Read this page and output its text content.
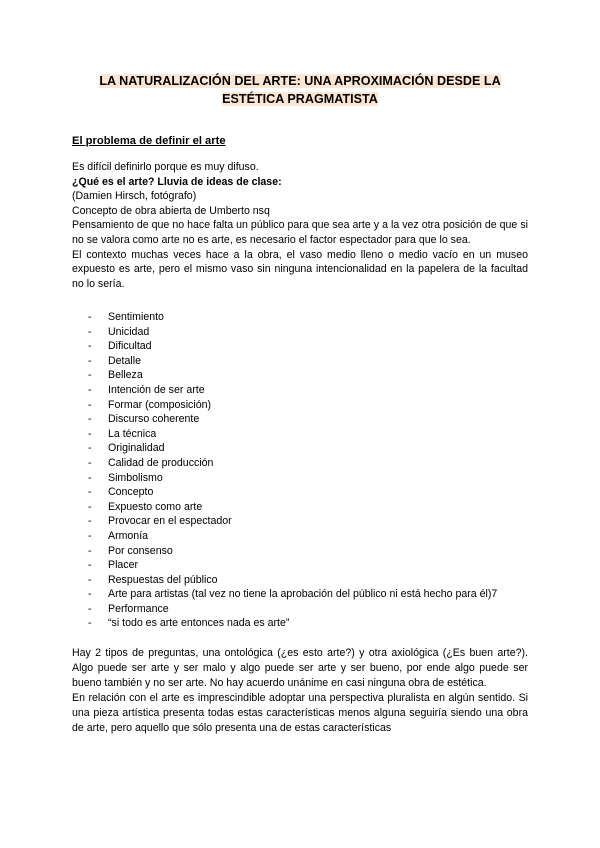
LA NATURALIZACIÓN DEL ARTE: UNA APROXIMACIÓN DESDE LA
ESTÉTICA PRAGMATISTA
El problema de definir el arte
Es difícil definirlo porque es muy difuso.
¿Qué es el arte? Lluvia de ideas de clase:
(Damien Hirsch, fotógrafo)
Concepto de obra abierta de Umberto nsq
Pensamiento de que no hace falta un público para que sea arte y a la vez otra posición de que si no se valora como arte no es arte, es necesario el factor espectador para que lo sea.
El contexto muchas veces hace a la obra, el vaso medio lleno o medio vacío en un museo expuesto es arte, pero el mismo vaso sin ninguna intencionalidad en la papelera de la facultad no lo sería.
- Sentimiento
- Unicidad
- Dificultad
- Detalle
- Belleza
- Intención de ser arte
- Formar (composición)
- Discurso coherente
- La técnica
- Originalidad
- Calidad de producción
- Simbolismo
- Concepto
- Expuesto como arte
- Provocar en el espectador
- Armonía
- Por consenso
- Placer
- Respuestas del público
- Arte para artistas (tal vez no tiene la aprobación del público ni está hecho para él)7
- Performance
- “si todo es arte entonces nada es arte”
Hay 2 tipos de preguntas, una ontológica (¿es esto arte?) y otra axiológica (¿Es buen arte?). Algo puede ser arte y ser malo y algo puede ser arte y ser bueno, por ende algo puede ser bueno también y no ser arte. No hay acuerdo unánime en casi ninguna obra de estética.
En relación con el arte es imprescindible adoptar una perspectiva pluralista en algún sentido. Si una pieza artística presenta todas estas características menos alguna seguiría siendo una obra de arte, pero aquello que sólo presenta una de estas características
